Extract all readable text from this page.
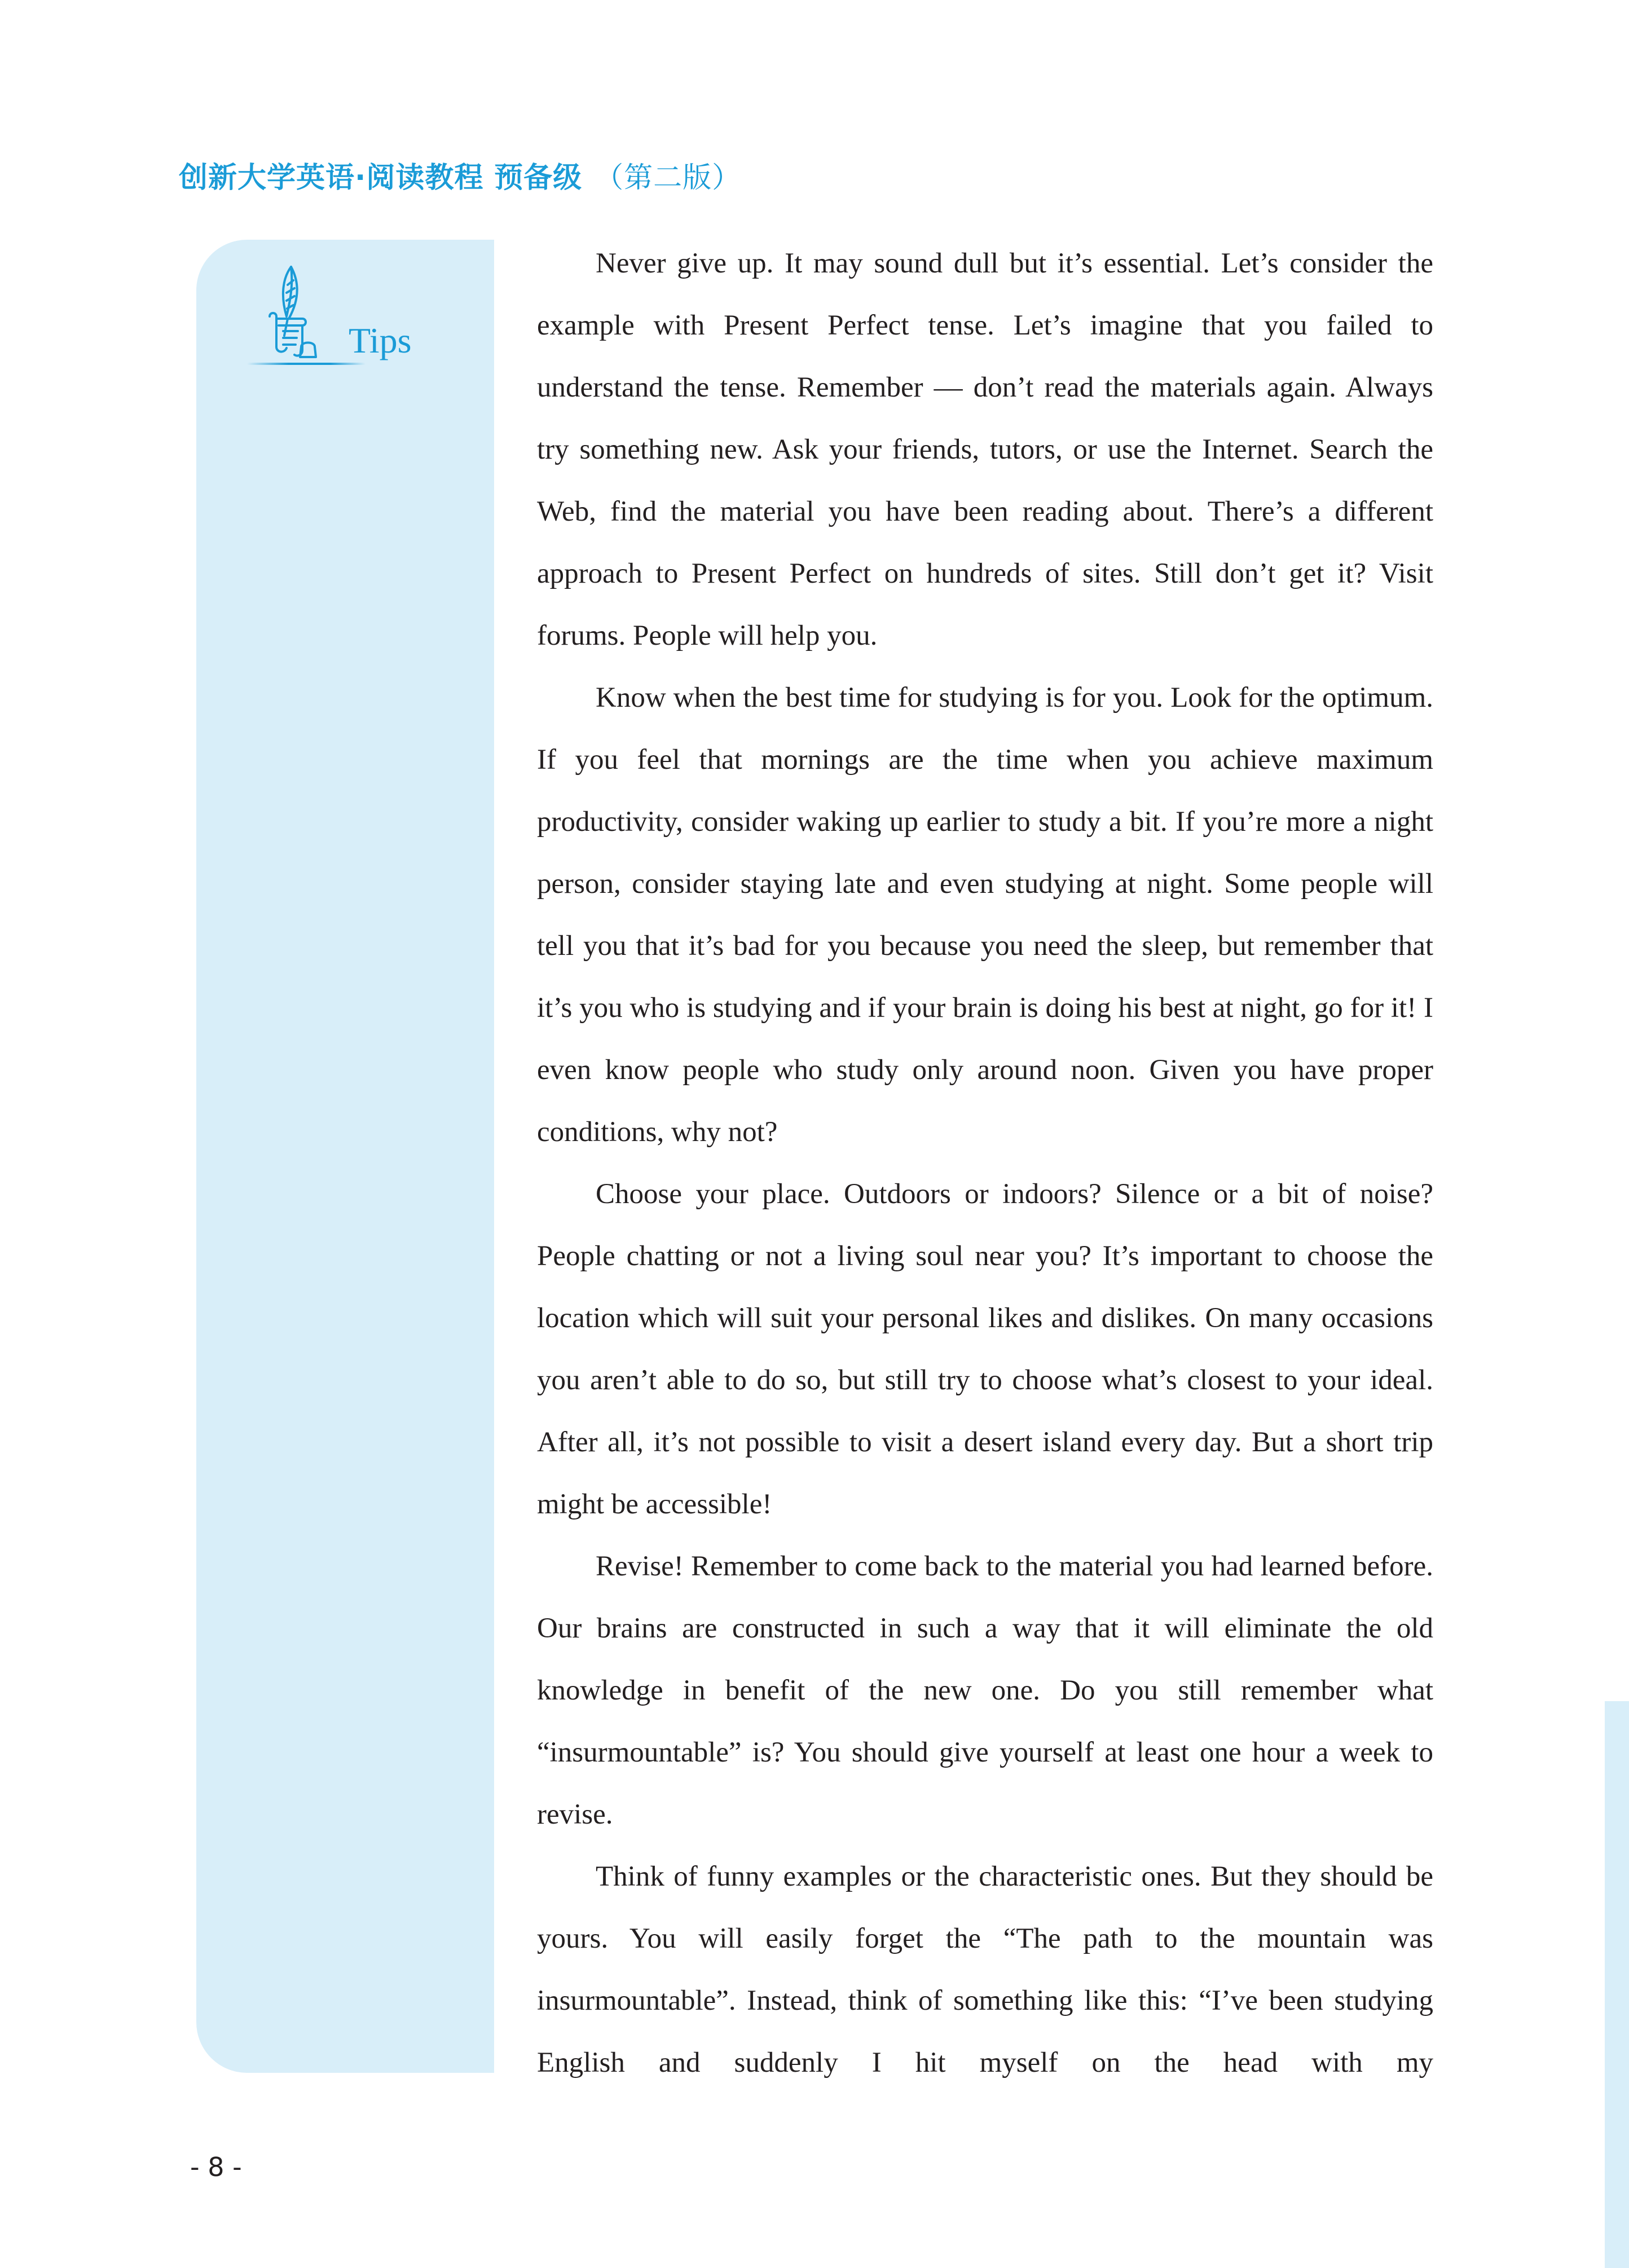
创新大学英语·阅读教程 预备级 （第二版）
Tips

Never give up. It may sound dull but it’s essential. Let’s consider the example with Present Perfect tense. Let’s imagine that you failed to understand the tense. Remember — don’t read the materials again. Always try something new. Ask your friends, tutors, or use the Internet. Search the Web, find the material you have been reading about. There’s a different approach to Present Perfect on hundreds of sites. Still don’t get it? Visit forums. People will help you.

Know when the best time for studying is for you. Look for the optimum. If you feel that mornings are the time when you achieve maximum productivity, consider waking up earlier to study a bit. If you’re more a night person, consider staying late and even studying at night. Some people will tell you that it’s bad for you because you need the sleep, but remember that it’s you who is studying and if your brain is doing his best at night, go for it! I even know people who study only around noon. Given you have proper conditions, why not?

Choose your place. Outdoors or indoors? Silence or a bit of noise? People chatting or not a living soul near you? It’s important to choose the location which will suit your personal likes and dislikes. On many occasions you aren’t able to do so, but still try to choose what’s closest to your ideal. After all, it’s not possible to visit a desert island every day. But a short trip might be accessible!

Revise! Remember to come back to the material you had learned before. Our brains are constructed in such a way that it will eliminate the old knowledge in benefit of the new one. Do you still remember what “insurmountable” is? You should give yourself at least one hour a week to revise.

Think of funny examples or the characteristic ones. But they should be yours. You will easily forget the “The path to the mountain was insurmountable”. Instead, think of something like this: “I’ve been studying English and suddenly I hit myself on the head with my

- 8 -
